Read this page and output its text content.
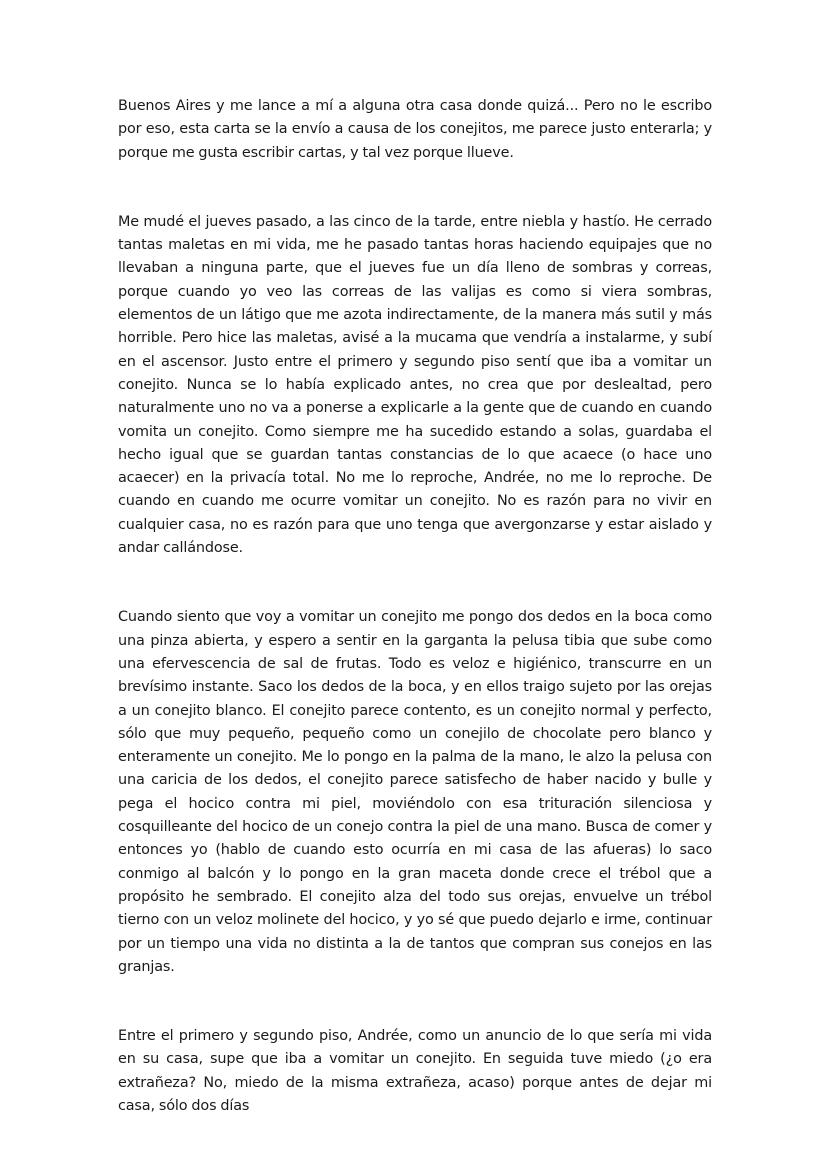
Buenos Aires y me lance a mí a alguna otra casa donde quizá... Pero no le escribo por eso, esta carta se la envío a causa de los conejitos, me parece justo enterarla; y porque me gusta escribir cartas, y tal vez porque llueve.

Me mudé el jueves pasado, a las cinco de la tarde, entre niebla y hastío. He cerrado tantas maletas en mi vida, me he pasado tantas horas haciendo equipajes que no llevaban a ninguna parte, que el jueves fue un día lleno de sombras y correas, porque cuando yo veo las correas de las valijas es como si viera sombras, elementos de un látigo que me azota indirectamente, de la manera más sutil y más horrible. Pero hice las maletas, avisé a la mucama que vendría a instalarme, y subí en el ascensor. Justo entre el primero y segundo piso sentí que iba a vomitar un conejito. Nunca se lo había explicado antes, no crea que por deslealtad, pero naturalmente uno no va a ponerse a explicarle a la gente que de cuando en cuando vomita un conejito. Como siempre me ha sucedido estando a solas, guardaba el hecho igual que se guardan tantas constancias de lo que acaece (o hace uno acaecer) en la privacía total. No me lo reproche, Andrée, no me lo reproche. De cuando en cuando me ocurre vomitar un conejito. No es razón para no vivir en cualquier casa, no es razón para que uno tenga que avergonzarse y estar aislado y andar callándose.

Cuando siento que voy a vomitar un conejito me pongo dos dedos en la boca como una pinza abierta, y espero a sentir en la garganta la pelusa tibia que sube como una efervescencia de sal de frutas. Todo es veloz e higiénico, transcurre en un brevísimo instante. Saco los dedos de la boca, y en ellos traigo sujeto por las orejas a un conejito blanco. El conejito parece contento, es un conejito normal y perfecto, sólo que muy pequeño, pequeño como un conejilo de chocolate pero blanco y enteramente un conejito. Me lo pongo en la palma de la mano, le alzo la pelusa con una caricia de los dedos, el conejito parece satisfecho de haber nacido y bulle y pega el hocico contra mi piel, moviéndolo con esa trituración silenciosa y cosquilleante del hocico de un conejo contra la piel de una mano. Busca de comer y entonces yo (hablo de cuando esto ocurría en mi casa de las afueras) lo saco conmigo al balcón y lo pongo en la gran maceta donde crece el trébol que a propósito he sembrado. El conejito alza del todo sus orejas, envuelve un trébol tierno con un veloz molinete del hocico, y yo sé que puedo dejarlo e irme, continuar por un tiempo una vida no distinta a la de tantos que compran sus conejos en las granjas.

Entre el primero y segundo piso, Andrée, como un anuncio de lo que sería mi vida en su casa, supe que iba a vomitar un conejito. En seguida tuve miedo (¿o era extrañeza? No, miedo de la misma extrañeza, acaso) porque antes de dejar mi casa, sólo dos días
